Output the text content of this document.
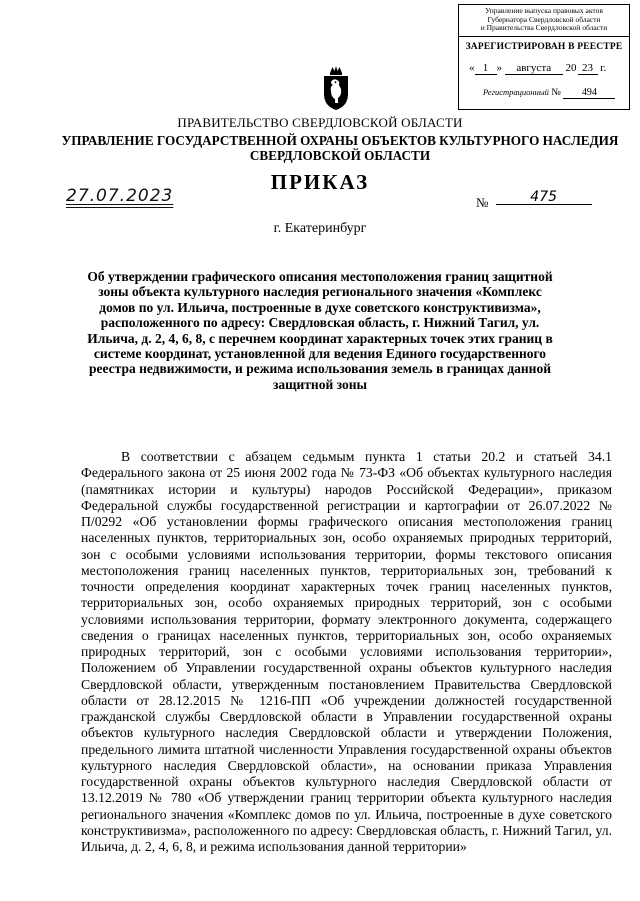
Управление выпуска правовых актов
Губернатора Свердловской области
и Правительства Свердловской области
ЗАРЕГИСТРИРОВАН В РЕЕСТРЕ
« 1 » августа 20 23 г.
Регистрационный № 494
ПРАВИТЕЛЬСТВО СВЕРДЛОВСКОЙ ОБЛАСТИ
УПРАВЛЕНИЕ ГОСУДАРСТВЕННОЙ ОХРАНЫ ОБЪЕКТОВ КУЛЬТУРНОГО НАСЛЕДИЯ СВЕРДЛОВСКОЙ ОБЛАСТИ
ПРИКАЗ
27.07.2023	№	475
г. Екатеринбург
Об утверждении графического описания местоположения границ защитной зоны объекта культурного наследия регионального значения «Комплекс домов по ул. Ильича, построенные в духе советского конструктивизма», расположенного по адресу: Свердловская область, г. Нижний Тагил, ул. Ильича, д. 2, 4, 6, 8, с перечнем координат характерных точек этих границ в системе координат, установленной для ведения Единого государственного реестра недвижимости, и режима использования земель в границах данной защитной зоны

В соответствии с абзацем седьмым пункта 1 статьи 20.2 и статьей 34.1 Федерального закона от 25 июня 2002 года № 73-ФЗ «Об объектах культурного наследия (памятниках истории и культуры) народов Российской Федерации», приказом Федеральной службы государственной регистрации и картографии от 26.07.2022 № П/0292 «Об установлении формы графического описания местоположения границ населенных пунктов, территориальных зон, особо охраняемых природных территорий, зон с особыми условиями использования территории, формы текстового описания местоположения границ населенных пунктов, территориальных зон, требований к точности определения координат характерных точек границ населенных пунктов, территориальных зон, особо охраняемых природных территорий, зон с особыми условиями использования территории, формату электронного документа, содержащего сведения о границах населенных пунктов, территориальных зон, особо охраняемых природных территорий, зон с особыми условиями использования территории», Положением об Управлении государственной охраны объектов культурного наследия Свердловской области, утвержденным постановлением Правительства Свердловской области от 28.12.2015 № 1216-ПП «Об учреждении должностей государственной гражданской службы Свердловской области в Управлении государственной охраны объектов культурного наследия Свердловской области и утверждении Положения, предельного лимита штатной численности Управления государственной охраны объектов культурного наследия Свердловской области», на основании приказа Управления государственной охраны объектов культурного наследия Свердловской области от 13.12.2019 № 780 «Об утверждении границ территории объекта культурного наследия регионального значения «Комплекс домов по ул. Ильича, построенные в духе советского конструктивизма», расположенного по адресу: Свердловская область, г. Нижний Тагил, ул. Ильича, д. 2, 4, 6, 8, и режима использования данной территории»
